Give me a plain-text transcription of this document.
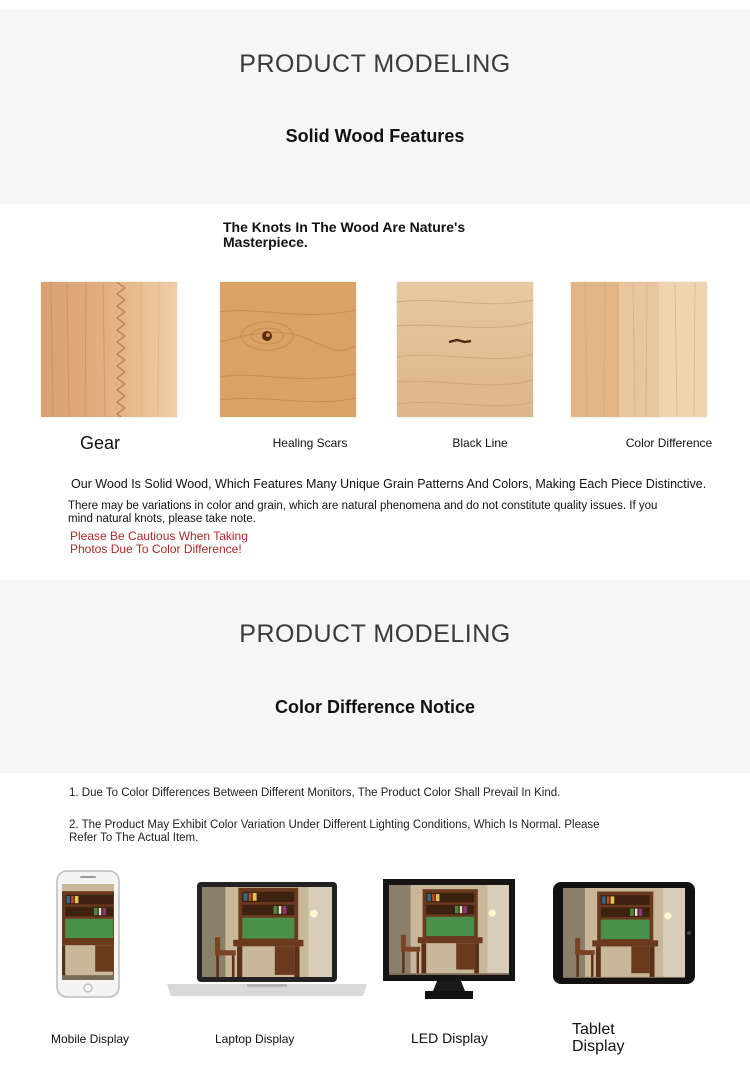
PRODUCT MODELING
Solid Wood Features
The Knots In The Wood Are Nature's Masterpiece.
Gear	Healing Scars	Black Line	Color Difference
Our Wood Is Solid Wood, Which Features Many Unique Grain Patterns And Colors, Making Each Piece Distinctive.
There may be variations in color and grain, which are natural phenomena and do not constitute quality issues. If you mind natural knots, please take note.
Please Be Cautious When Taking Photos Due To Color Difference!
PRODUCT MODELING
Color Difference Notice
1. Due To Color Differences Between Different Monitors, The Product Color Shall Prevail In Kind.
2. The Product May Exhibit Color Variation Under Different Lighting Conditions, Which Is Normal. Please Refer To The Actual Item.
Mobile Display	Laptop Display	LED Display	Tablet Display
